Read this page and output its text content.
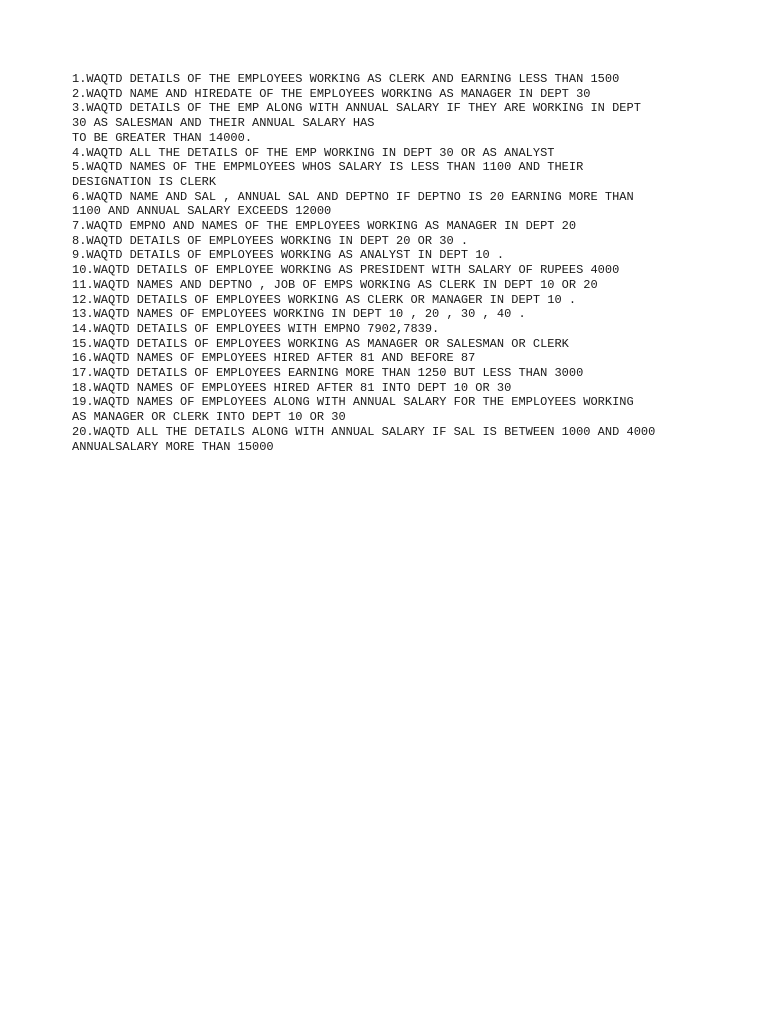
1.WAQTD DETAILS OF THE EMPLOYEES WORKING AS CLERK AND EARNING LESS THAN 1500

2.WAQTD NAME AND HIREDATE OF THE EMPLOYEES WORKING AS MANAGER IN DEPT 30

3.WAQTD DETAILS OF THE EMP ALONG WITH ANNUAL SALARY IF THEY ARE WORKING IN DEPT

30 AS SALESMAN AND THEIR ANNUAL SALARY HAS

TO BE GREATER THAN 14000.

4.WAQTD ALL THE DETAILS OF THE EMP WORKING IN DEPT 30 OR AS ANALYST

5.WAQTD NAMES OF THE EMPMLOYEES WHOS SALARY IS LESS THAN 1100 AND THEIR

DESIGNATION IS CLERK

6.WAQTD NAME AND SAL , ANNUAL SAL AND DEPTNO IF DEPTNO IS 20 EARNING MORE THAN

1100 AND ANNUAL SALARY EXCEEDS 12000

7.WAQTD EMPNO AND NAMES OF THE EMPLOYEES WORKING AS MANAGER IN DEPT 20

8.WAQTD DETAILS OF EMPLOYEES WORKING IN DEPT 20 OR 30 .

9.WAQTD DETAILS OF EMPLOYEES WORKING AS ANALYST IN DEPT 10 .

10.WAQTD DETAILS OF EMPLOYEE WORKING AS PRESIDENT WITH SALARY OF RUPEES 4000

11.WAQTD NAMES AND DEPTNO , JOB OF EMPS WORKING AS CLERK IN DEPT 10 OR 20

12.WAQTD DETAILS OF EMPLOYEES WORKING AS CLERK OR MANAGER IN DEPT 10 .

13.WAQTD NAMES OF EMPLOYEES WORKING IN DEPT 10 , 20 , 30 , 40 .

14.WAQTD DETAILS OF EMPLOYEES WITH EMPNO 7902,7839.

15.WAQTD DETAILS OF EMPLOYEES WORKING AS MANAGER OR SALESMAN OR CLERK

16.WAQTD NAMES OF EMPLOYEES HIRED AFTER 81 AND BEFORE 87

17.WAQTD DETAILS OF EMPLOYEES EARNING MORE THAN 1250 BUT LESS THAN 3000

18.WAQTD NAMES OF EMPLOYEES HIRED AFTER 81 INTO DEPT 10 OR 30

19.WAQTD NAMES OF EMPLOYEES ALONG WITH ANNUAL SALARY FOR THE EMPLOYEES WORKING

AS MANAGER OR CLERK INTO DEPT 10 OR 30

20.WAQTD ALL THE DETAILS ALONG WITH ANNUAL SALARY IF SAL IS BETWEEN 1000 AND 4000

ANNUALSALARY MORE THAN 15000
